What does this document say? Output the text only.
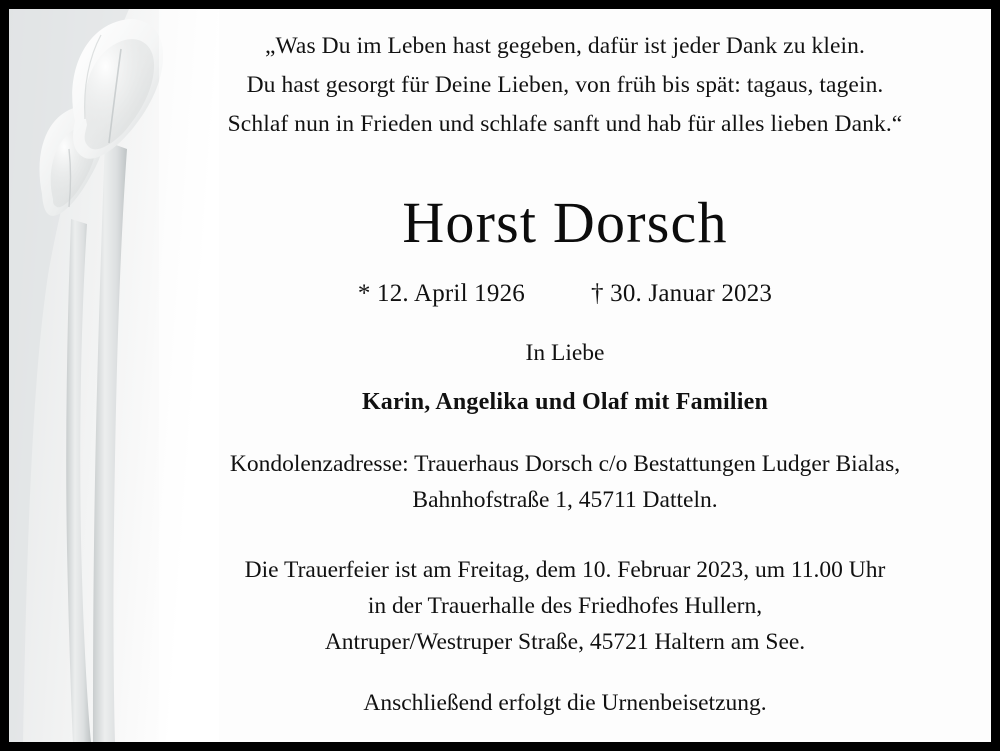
„Was Du im Leben hast gegeben, dafür ist jeder Dank zu klein.
Du hast gesorgt für Deine Lieben, von früh bis spät: tagaus, tagein.
Schlaf nun in Frieden und schlafe sanft und hab für alles lieben Dank.“
Horst Dorsch
* 12. April 1926	† 30. Januar 2023
In Liebe
Karin, Angelika und Olaf mit Familien
Kondolenzadresse: Trauerhaus Dorsch c/o Bestattungen Ludger Bialas,
Bahnhofstraße 1, 45711 Datteln.
Die Trauerfeier ist am Freitag, dem 10. Februar 2023, um 11.00 Uhr
in der Trauerhalle des Friedhofes Hullern,
Antruper/Westruper Straße, 45721 Haltern am See.
Anschließend erfolgt die Urnenbeisetzung.
